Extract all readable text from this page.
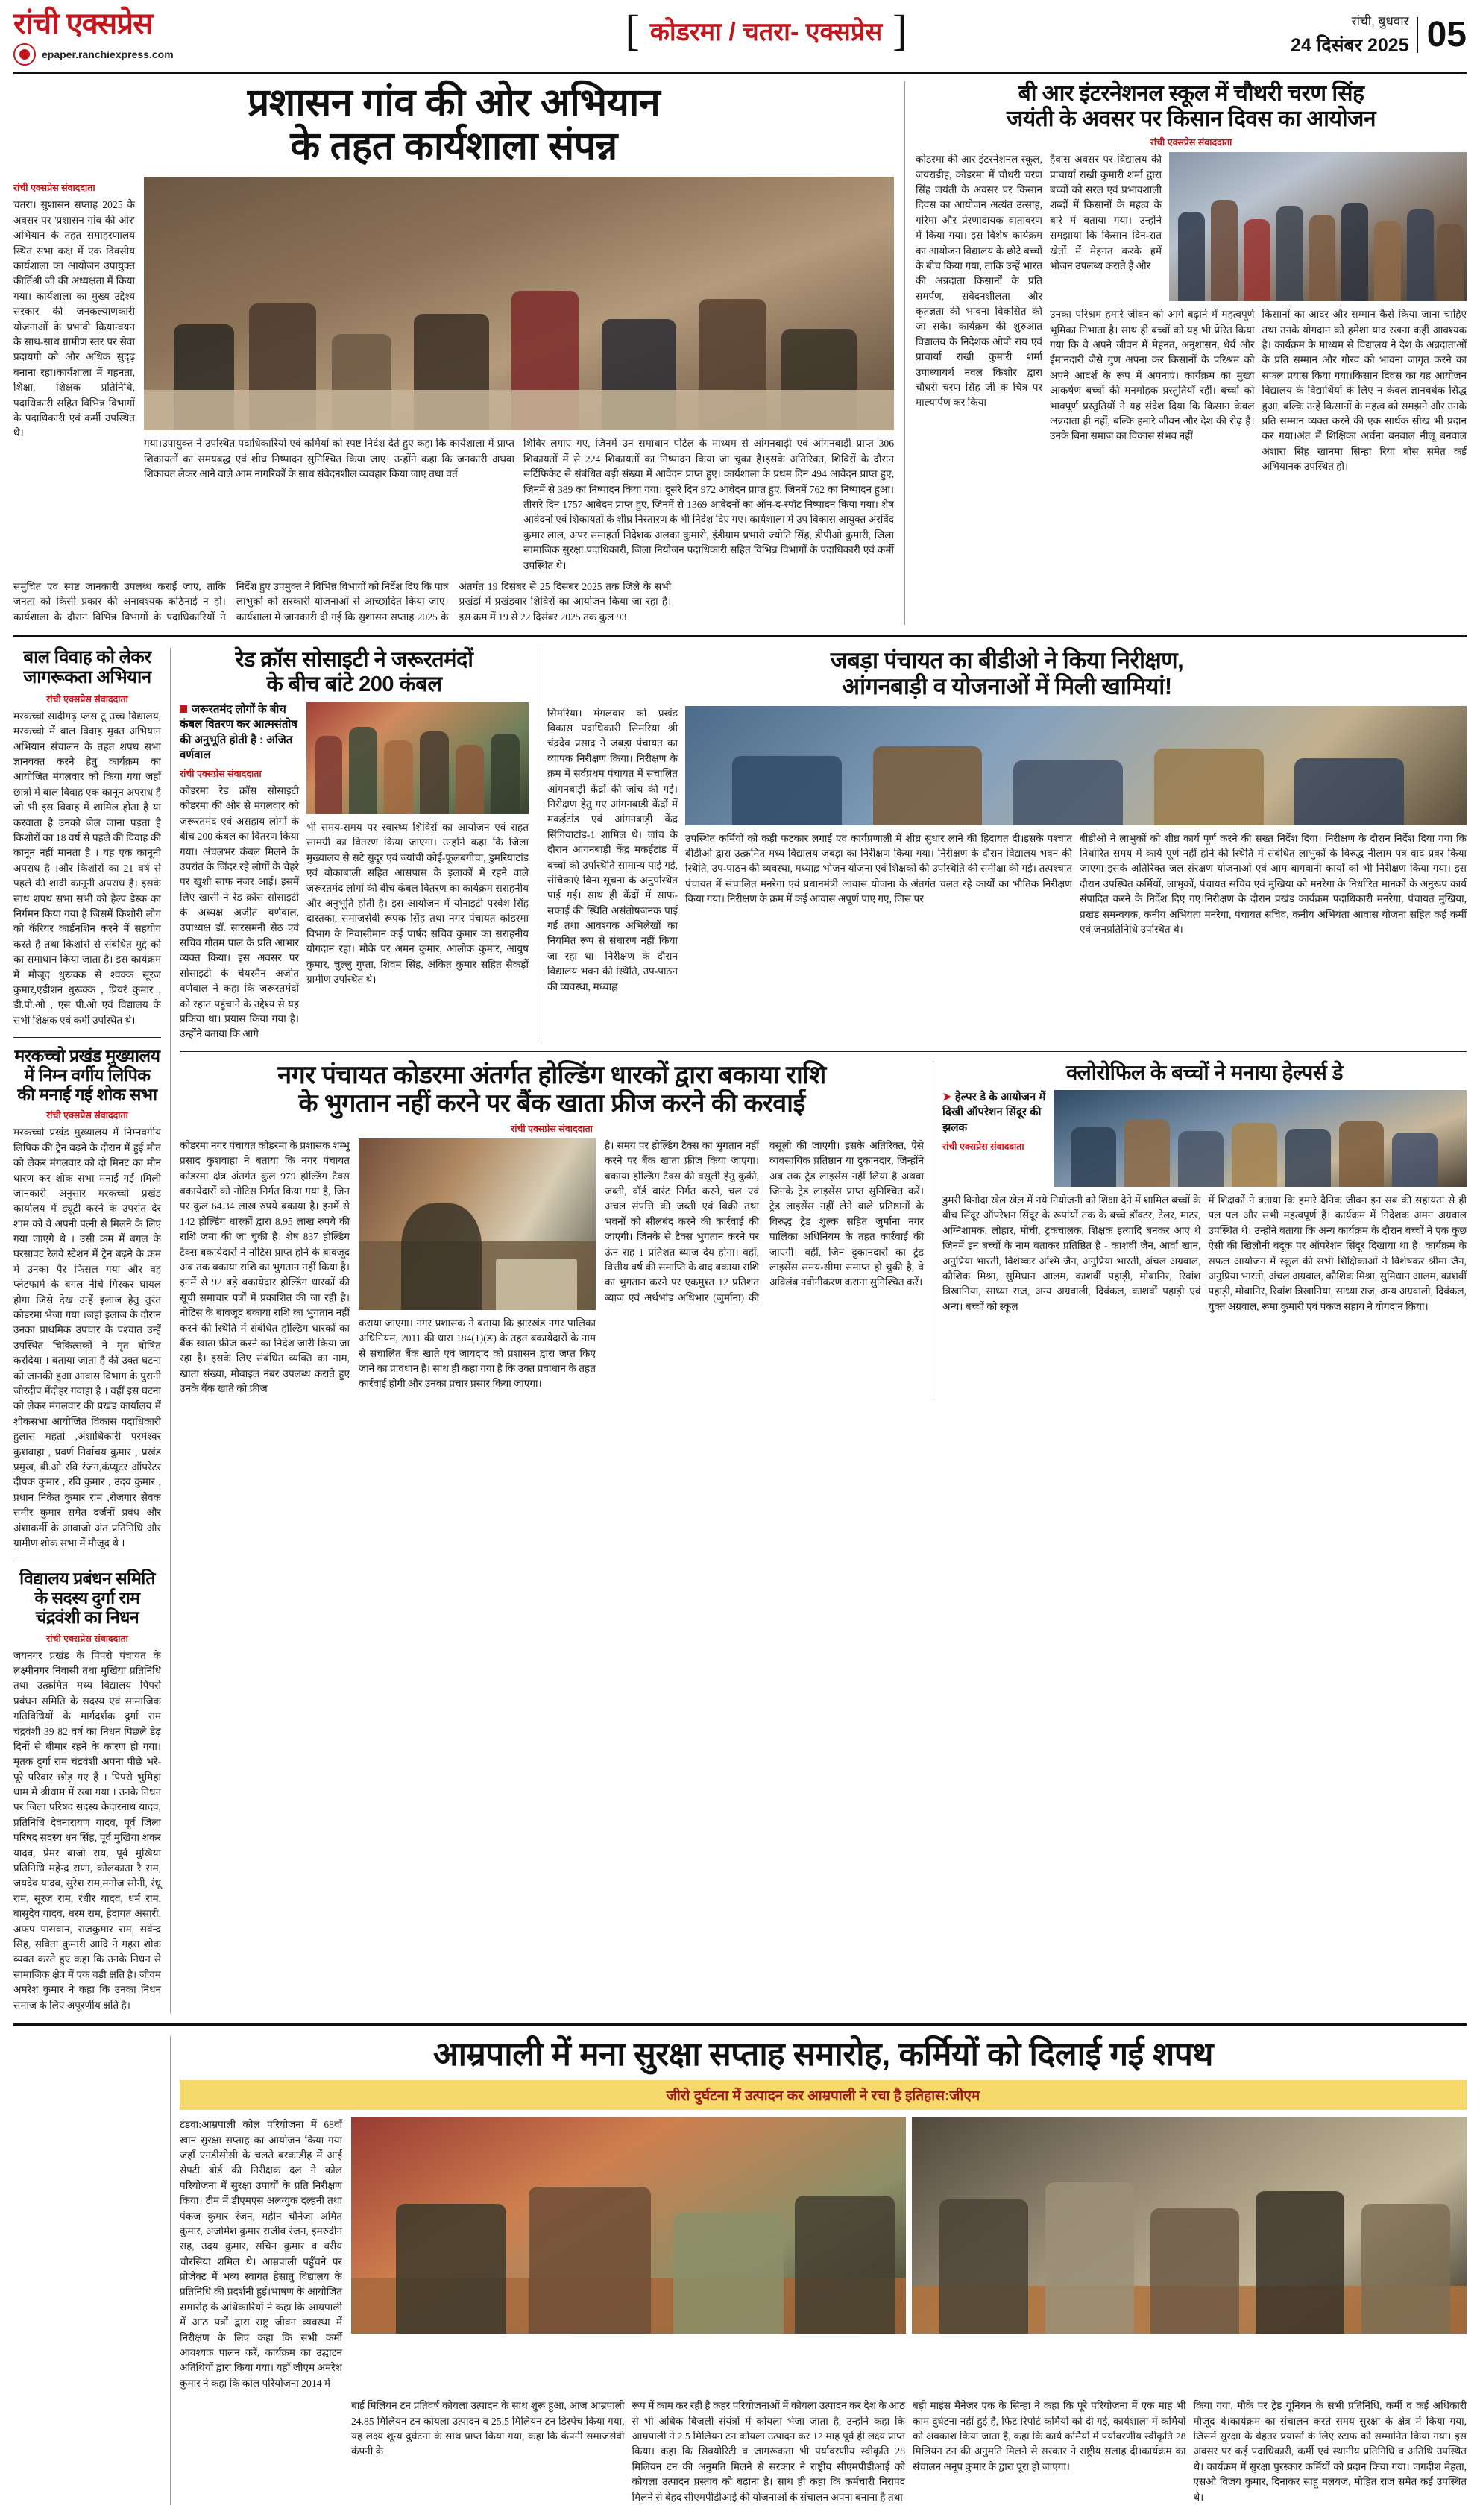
रांची एक्सप्रेस
epaper.ranchiexpress.com	[ कोडरमा / चतरा- एक्सप्रेस ]	रांची, बुधवार
24 दिसंबर 2025 05
प्रशासन गांव की ओर अभियान
के तहत कार्यशाला संपन्न
रांची एक्सप्रेस संवाददाता
चतरा। सुशासन सप्ताह 2025 के अवसर पर 'प्रशासन गांव की ओर' अभियान के तहत समाहरणालय स्थित सभा कक्ष में एक दिवसीय कार्यशाला का आयोजन उपायुक्त कीर्तिश्री जी की अध्यक्षता में किया गया। कार्यशाला का मुख्य उद्देश्य सरकार की जनकल्याणकारी योजनाओं के प्रभावी क्रियान्वयन के साथ-साथ ग्रामीण स्तर पर सेवा प्रदायगी को और अधिक सुदृढ़ बनाना रहा।कार्यशाला में गहनता, शिक्षा, शिक्षक प्रतिनिधि, पदाधिकारी सहित विभिन्न विभागों के पदाधिकारी एवं कर्मी उपस्थित थे।
गया।उपायुक्त ने उपस्थित पदाधिकारियों एवं कर्मियों को स्पष्ट निर्देश देते हुए कहा कि कार्यशाला में प्राप्त शिकायतों का समयबद्ध एवं शीघ्र निष्पादन सुनिश्चित किया जाए। उन्होंने कहा कि जनकारी अथवा शिकायत लेकर आने वाले आम नागरिकों के साथ संवेदनशील व्यवहार किया जाए तथा वर्त
शिविर लगाए गए, जिनमें उन समाधान पोर्टल के माध्यम से आंगनबाड़ी एवं आंगनबाड़ी प्राप्त 306 शिकायतों में से 224 शिकायतों का निष्पादन किया जा चुका है।इसके अतिरिक्त, शिविरों के दौरान सर्टिफिकेट से संबंधित बड़ी संख्या में आवेदन प्राप्त हुए। कार्यशाला के प्रथम दिन 494 आवेदन प्राप्त हुए, जिनमें से 389 का निष्पादन किया गया। दूसरे दिन 972 आवेदन प्राप्त हुए, जिनमें 762 का निष्पादन हुआ। तीसरे दिन 1757 आवेदन प्राप्त हुए, जिनमें से 1369 आवेदनों का ऑन-द-स्पॉट निष्पादन किया गया। शेष आवेदनों एवं शिकायतों के शीघ्र निस्तारण के भी निर्देश दिए गए। कार्यशाला में उप विकास आयुक्त अरविंद कुमार लाल, अपर समाहर्ता निदेशक अलका कुमारी, इंडीग्राम प्रभारी ज्योति सिंह, डीपीओ कुमारी, जिला सामाजिक सुरक्षा पदाधिकारी, जिला नियोजन पदाधिकारी सहित विभिन्न विभागों के पदाधिकारी एवं कर्मी उपस्थित थे।
समुचित एवं स्पष्ट जानकारी उपलब्ध कराई जाए, ताकि जनता को किसी प्रकार की अनावश्यक कठिनाई न हो।कार्यशाला के दौरान विभिन्न विभागों के पदाधिकारियों ने निर्देश हुए उपमुक्त ने विभिन्न विभागों को निर्देश दिए कि पात्र लाभुकों को सरकारी योजनाओं से आच्छादित किया जाए।कार्यशाला में जानकारी दी गई कि सुशासन सप्ताह 2025 के अंतर्गत 19 दिसंबर से 25 दिसंबर 2025 तक जिले के सभी प्रखंडों में प्रखंडवार शिविरों का आयोजन किया जा रहा है। इस क्रम में 19 से 22 दिसंबर 2025 तक कुल 93
बी आर इंटरनेशनल स्कूल में चौथरी चरण सिंह
जयंती के अवसर पर किसान दिवस का आयोजन
रांची एक्सप्रेस संवाददाता
कोडरमा की आर इंटरनेशनल स्कूल, जयराडीह, कोडरमा में चौधरी चरण सिंह जयंती के अवसर पर किसान दिवस का आयोजन अत्यंत उत्साह, गरिमा और प्रेरणादायक वातावरण में किया गया। इस विशेष कार्यक्रम का आयोजन विद्यालय के छोटे बच्चों के बीच किया गया, ताकि उन्हें भारत की अन्नदाता किसानों के प्रति समर्पण, संवेदनशीलता और कृतज्ञता की भावना विकसित की जा सके। कार्यक्रम की शुरुआत विद्यालय के निदेशक ओपी राय एवं प्राचार्या राखी कुमारी शर्मा उपाध्यायर्थ नवल किशोर द्वारा चौधरी चरण सिंह जी के चित्र पर माल्यार्पण कर किया
हैवास अवसर पर विद्यालय की प्राचार्यां राखी कुमारी शर्मा द्वारा बच्चों को सरल एवं प्रभावशाली शब्दों में किसानों के महत्व के बारे में बताया गया। उन्होंने समझाया कि किसान दिन-रात खेतों में मेहनत करके हमें भोजन उपलब्ध कराते हैं और
उनका परिश्रम हमारे जीवन को आगे बढ़ाने में महत्वपूर्ण भूमिका निभाता है। साथ ही बच्चों को यह भी प्रेरित किया गया कि वे अपने जीवन में मेहनत, अनुशासन, धैर्य और ईमानदारी जैसे गुण अपना कर किसानों के परिश्रम को अपने आदर्श के रूप में अपनाएं। कार्यक्रम का मुख्य आकर्षण बच्चों की मनमोहक प्रस्तुतियाँ रहीं। बच्चों को भावपूर्ण प्रस्तुतियों ने यह संदेश दिया कि किसान केवल अन्नदाता ही नहीं, बल्कि हमारे जीवन और देश की रीढ़ हैं। उनके बिना समाज का विकास संभव नहीं
किसानों का आदर और सम्मान कैसे किया जाना चाहिए तथा उनके योगदान को हमेशा याद रखना कहीं आवश्यक है। कार्यक्रम के माध्यम से विद्यालय ने देश के अन्नदाताओं के प्रति सम्मान और गौरव को भावना जागृत करने का सफल प्रयास किया गया।किसान दिवस का यह आयोजन विद्यालय के विद्यार्थियों के लिए न केवल ज्ञानवर्धक सिद्ध हुआ, बल्कि उन्हें किसानों के महत्व को समझने और उनके प्रति सम्मान व्यक्त करने की एक सार्थक सीख भी प्रदान कर गया।अंत में शिक्षिका अर्चना बनवाल नीलू बनवाल अंशारा सिंह खानमा सिन्हा रिया बोस समेत कई अभियानक उपस्थित हो।
बाल विवाह को लेकर
जागरूकता अभियान
रांची एक्सप्रेस संवाददाता
मरकच्चो सादीगढ़ प्लस टू उच्च विद्यालय, मरकच्चो में बाल विवाह मुक्त अभियान अभियान संचालन के तहत शपथ सभा ज्ञानवक्त करने हेतु कार्यक्रम का आयोजित मंगलवार को किया गया जहाँ छात्रों में बाल विवाह एक कानून अपराध है जो भी इस विवाह में शामिल होता है या करवाता है उनको जेल जाना पड़ता है किशोरों का 18 वर्ष से पहले की विवाह की कानून नहीं मानता है । यह एक कानूनी अपराध है ।और किशोरों का 21 वर्ष से पहले की शादी कानूनी अपराध है। इसके साथ शपथ सभा सभी को हेल्प डेस्क का निर्गमन किया गया है जिसमें किशोरी लोग को कॅरियर कार्डनशिन करने में सहयोग करते हैं तथा किशोरों से संबंधित मुद्दे को का समाधान किया जाता है। इस कार्यक्रम में मौजूद धुरूक्क से श्वक्क सूरज कुमार,एडीशन धुरूक्क , प्रियरं कुमार , डी.पी.ओ , एस पी.ओ एवं विद्यालय के सभी शिक्षक एवं कर्मी उपस्थित थे।
मरकच्चो प्रखंड मुख्यालय
में निम्न वर्गीय लिपिक
की मनाई गई शोक सभा
रांची एक्सप्रेस संवाददाता
मरकच्चो प्रखंड मुख्यालय में निम्नवर्गीय लिपिक की ट्रेन बढ़ने के दौरान में हुई मौत को लेकर मंगलवार को दो मिनट का मौन धारण कर शोक सभा मनाई गई ।मिली जानकारी अनुसार मरकच्चो प्रखंड कार्यालय में ड्यूटी करने के उपरांत देर शाम को वे अपनी पत्नी से मिलने के लिए गया जाएगे थे । उसी क्रम में बगल के घरसावट रेलवे स्टेशन में ट्रेन बढ़ने के क्रम में उनका पैर फिसल गया और वह प्लेटफार्म के बगल नीचे गिरकर घायल होगा जिसे देख उन्हें इलाज हेतु तुरंत कोडरमा भेजा गया ।जहां इलाज के दौरान उनका प्राथमिक उपचार के पश्चात उन्हें उपस्थित चिकित्सकों ने मृत घोषित करदिया । बताया जाता है की उक्त घटना को जानकी हुआ आवास विभाग के पुरानी जोरदीप मेंदोहर गवाहा है । वहीं इस घटना को लेकर मंगलवार की प्रखंड कार्यालय में शोकसभा आयोजित विकास पदाधिकारी हुलास महतो ,अंशाधिकारी परमेश्वर कुशवाहा , प्रवर्ण निर्वाचय कुमार , प्रखंड प्रमुख, बी.ओ रवि रंजन,कंप्यूटर ऑपरेटर दीपक कुमार , रवि कुमार , उदय कुमार , प्रधान निकेत कुमार राम ,रोजगार सेवक समीर कुमार समेत दर्जनों प्रवंध और अंशाकर्मी के आवाजो अंत प्रतिनिधि और ग्रामीण शोक सभा में मौजूद थे ।
विद्यालय प्रबंधन समिति
के सदस्य दुर्गा राम
चंद्रवंशी का निधन
रांची एक्सप्रेस संवाददाता
जयनगर प्रखंड के पिपरो पंचायत के लक्ष्मीनगर निवासी तथा मुखिया प्रतिनिधि तथा उत्क्रमित मध्य विद्यालय पिपरो प्रबंधन समिति के सदस्य एवं सामाजिक गतिविधियों के मार्गदर्शक दुर्गा राम चंद्रवंशी 39 82 वर्ष का निधन पिछले डेढ़ दिनों से बीमार रहने के कारण हो गया। मृतक दुर्गा राम चंद्रवंशी अपना पीछे भरे-पूरे परिवार छोड़ गए हैं । पिपरो भुमिहा धाम में श्रीधाम में रखा गया । उनके निधन पर जिला परिषद सदस्य केदारनाथ यादव, प्रतिनिधि देवनारायण यादव, पूर्व जिला परिषद सदस्य धन सिंह, पूर्व मुखिया शंकर यादव, प्रेमर बाजो राय, पूर्व मुखिया प्रतिनिधि महेन्द्र राणा, कोलकाता रै राम, जयदेव यादव, सुरेश राम,मनोज सोनी, रंधू राम, सूरज राम, रंधीर यादव, धर्म राम, बासुदेव यादव, धरम राम, हेदायत अंसारी, अफप पासवान, राजकुमार राम, सर्वेन्द्र सिंह, सविता कुमारी आदि ने गहरा शोक व्यक्त करते हुए कहा कि उनके निधन से सामाजिक क्षेत्र में एक बड़ी क्षति है। जीवम अमरेश कुमार ने कहा कि उनका निधन समाज के लिए अपूरणीय क्षति है।
रेड क्रॉस सोसाइटी ने जरूरतमंदों
के बीच बांटे 200 कंबल
जरूरतमंद लोगों के बीच कंबल वितरण कर आत्मसंतोष की अनुभूति होती है : अजित वर्णवाल
रांची एक्सप्रेस संवाददाता
कोडरमा रेड क्रॉस सोसाइटी कोडरमा की ओर से मंगलवार को जरूरतमंद एवं असहाय लोगों के बीच 200 कंबल का वितरण किया गया। अंचलभर कंबल मिलने के उपरांत के जिंदर रहे लोगों के चेहरे पर खुशी साफ नजर आई। इसमें लिए खासी ने रेड क्रॉस सोसाइटी के अध्यक्ष अजीत बर्णवाल, उपाध्यक्ष डॉ. सारसमनी सेठ एवं सचिव गौतम पाल के प्रति आभार व्यक्त किया। इस अवसर पर सोसाइटी के चेयरमैन अजीत वर्णवाल ने कहा कि जरूरतमंदों को रहात पहुंचाने के उद्देश्य से यह प्रकिया था। प्रयास किया गया है। उन्होंने बताया कि आगे
भी समय-समय पर स्वास्थ्य शिविरों का आयोजन एवं राहत सामग्री का वितरण किया जाएगा। उन्होंने कहा कि जिला मुख्यालय से सटे सुदूर एवं ज्यांची कोई-फूलबगीचा, डुमरियाटांड एवं बोकाबाली सहित आसपास के इलाकों में रहने वाले जरूरतमंद लोगों की बीच कंबल वितरण का कार्यक्रम सराहनीय और अनुभूति होती है। इस आयोजन में योनाइटी परवेश सिंह दास्तका, समाजसेवी रूपक सिंह तथा नगर पंचायत कोडरमा विभाग के निवासीमान कई पार्षद सचिव कुमार का सराहनीय योगदान रहा। मौके पर अमन कुमार, आलोक कुमार, आयुष कुमार, चुल्लु गुप्ता, शिवम सिंह, अंकित कुमार सहित सैकड़ों ग्रामीण उपस्थित थे।
जबड़ा पंचायत का बीडीओ ने किया निरीक्षण,
आंगनबाड़ी व योजनाओं में मिली खामियां!
सिमरिया। मंगलवार को प्रखंड विकास पदाधिकारी सिमरिया श्री चंद्रदेव प्रसाद ने जबड़ा पंचायत का व्यापक निरीक्षण किया। निरीक्षण के क्रम में सर्वप्रथम पंचायत में संचालित आंगनबाड़ी केंद्रों की जांच की गई।निरीक्षण हेतु गए आंगनबाड़ी केंद्रों में मकईटांड एवं आंगनबाड़ी केंद्र सिंगियाटांड-1 शामिल थे। जांच के दौरान आंगनबाड़ी केंद्र मकईटांड में बच्चों की उपस्थिति सामान्य पाई गई, संचिकाएं बिना सूचना के अनुपस्थित पाई गई। साथ ही केंद्रों में साफ-सफाई की स्थिति असंतोषजनक पाई गई तथा आवश्यक अभिलेखों का नियमित रूप से संधारण नहीं किया जा रहा था। निरीक्षण के दौरान विद्यालय भवन की स्थिति, उप-पाठन की व्यवस्था, मध्याह्न
उपस्थित कर्मियों को कड़ी फटकार लगाई एवं कार्यप्रणाली में शीघ्र सुधार लाने की हिदायत दी।इसके पश्चात बीडीओ द्वारा उत्क्रमित मध्य विद्यालय जबड़ा का निरीक्षण किया गया। निरीक्षण के दौरान विद्यालय भवन की स्थिति, उप-पाठन की व्यवस्था, मध्याह्न भोजन योजना एवं शिक्षकों की उपस्थिति की समीक्षा की गई। तत्पश्चात पंचायत में संचालित मनरेगा एवं प्रधानमंत्री आवास योजना के अंतर्गत चलत रहे कार्यों का भौतिक निरीक्षण किया गया। निरीक्षण के क्रम में कई आवास अपूर्ण पाए गए, जिस पर
बीडीओ ने लाभुकों को शीघ्र कार्य पूर्ण करने की सख्त निर्देश दिया। निरीक्षण के दौरान निर्देश दिया गया कि निर्धारित समय में कार्य पूर्ण नहीं होने की स्थिति में संबंधित लाभुकों के विरुद्ध नीलाम पत्र वाद प्रवर किया जाएगा।इसके अतिरिक्त जल संरक्षण योजनाओं एवं आम बागवानी कार्यों को भी निरीक्षण किया गया। इस दौरान उपस्थित कर्मियों, लाभुकों, पंचायत सचिव एवं मुखिया को मनरेगा के निर्धारित मानकों के अनुरूप कार्य संपादित करने के निर्देश दिए गए।निरीक्षण के दौरान प्रखंड कार्यक्रम पदाधिकारी मनरेगा, पंचायत मुखिया, प्रखंड समन्वयक, कनीय अभियंता मनरेगा, पंचायत सचिव, कनीय अभियंता आवास योजना सहित कई कर्मी एवं जनप्रतिनिधि उपस्थित थे।
नगर पंचायत कोडरमा अंतर्गत होल्डिंग धारकों द्वारा बकाया राशि
के भुगतान नहीं करने पर बैंक खाता फ्रीज करने की करवाई
रांची एक्सप्रेस संवाददाता
कोडरमा नगर पंचायत कोडरमा के प्रशासक शम्भु प्रसाद कुशवाहा ने बताया कि नगर पंचायत कोडरमा क्षेत्र अंतर्गत कुल 979 होल्डिंग टैक्स बकायेदारों को नोटिस निर्गत किया गया है, जिन पर कुल 64.34 लाख रुपये बकाया है। इनमें से 142 होल्डिंग धारकों द्वारा 8.95 लाख रुपये की राशि जमा की जा चुकी है। शेष 837 होल्डिंग टैक्स बकायेदारों ने नोटिस प्राप्त होने के बावजूद अब तक बकाया राशि का भुगतान नहीं किया है। इनमें से 92 बड़े बकायेदार होल्डिंग धारकों की सूची समाचार पत्रों में प्रकाशित की जा रही है। नोटिस के बावजूद बकाया राशि का भुगतान नहीं करने की स्थिति में संबंधित होल्डिंग धारकों का बैंक खाता फ्रीज करने का निर्देश जारी किया जा रहा है। इसके लिए संबंधित व्यक्ति का नाम, खाता संख्या, मोबाइल नंबर उपलब्ध कराते हुए उनके बैंक खाते को फ्रीज
कराया जाएगा। नगर प्रशासक ने बताया कि झारखंड नगर पालिका अधिनियम, 2011 की धारा 184(1)(ङ) के तहत बकायेदारों के नाम से संचालित बैंक खाते एवं जायदाद को प्रशासन द्वारा जप्त किए जाने का प्रावधान है। साथ ही कहा गया है कि उक्त प्रवाधान के तहत कार्रवाई होगी और उनका प्रचार प्रसार किया जाएगा।
है। समय पर होल्डिंग टैक्स का भुगतान नहीं करने पर बैंक खाता फ्रीज किया जाएगा। बकाया होल्डिंग टैक्स की वसूली हेतु कुर्की, जब्ती, वॉर्ड वारंट निर्गत करने, चल एवं अचल संपत्ति की जब्ती एवं बिक्री तथा भवनों को सीलबंद करने की कार्रवाई की जाएगी। जिनके से टैक्स भुगतान करने पर ऊंन राह 1 प्रतिशत ब्याज देय होगा। वहीं, वित्तीय वर्ष की समाप्ति के बाद बकाया राशि का भुगतान करने पर एकमुश्त 12 प्रतिशत ब्याज एवं अर्थभांड अधिभार (जुर्माना) की वसूली की जाएगी। इसके अतिरिक्त, ऐसे व्यवसायिक प्रतिष्ठान या दुकानदार, जिन्होंने अब तक ट्रेड लाइसेंस नहीं लिया है अथवा जिनके ट्रेड लाइसेंस प्राप्त सुनिश्चित करें। ट्रेड लाइसेंस नहीं लेने वाले प्रतिष्ठानों के विरुद्ध ट्रेड शुल्क सहित जुर्माना नगर पालिका अधिनियम के तहत कार्रवाई की जाएगी। वहीं, जिन दुकानदारों का ट्रेड लाइसेंस समय-सीमा समाप्त हो चुकी है, वे अविलंब नवीनीकरण कराना सुनिश्चित करें।
क्लोरोफिल के बच्चों ने मनाया हेल्पर्स डे
➤ हेल्पर डे के आयोजन में दिखी ऑपरेशन सिंदूर की झलक
रांची एक्सप्रेस संवाददाता
डुमरी विनोदा खेल खेल में नये नियोजनी को शिक्षा देने में शामिल बच्चों के बीच सिंदूर ऑपरेशन सिंदूर के रूपांयों तक के बच्चे डॉक्टर, टेलर, माटर, अग्निशामक, लोहार, मोची, ट्रकचालक, शिक्षक इत्यादि बनकर आए थे जिनमें इन बच्चों के नाम बताकर प्रतिष्ठित है - काशवीं जैन, आर्वा खान, अनुप्रिया भारती, विशेष्कर अश्मि जैन, अनुप्रिया भारती, अंचल अग्रवाल, कौशिक मिश्रा, सुमिधान आलम, काशवीं पहाड़ी, मोबानिर, रिवांश त्रिखानिया, साध्या राज, अन्य अग्रवाली, दिवंकल, काशवीं पहाड़ी एवं अन्य। बच्चों को स्कूल
में शिक्षकों ने बताया कि हमारे दैनिक जीवन इन सब की सहायता से ही पल पल और सभी महत्वपूर्ण हैं। कार्यक्रम में निदेशक अमन अग्रवाल उपस्थित थे। उन्होंने बताया कि अन्य कार्यक्रम के दौरान बच्चों ने एक कुछ ऐसी की खिलौनी बंदूक पर ऑपरेशन सिंदूर दिखाया था है। कार्यक्रम के सफल आयोजन में स्कूल की सभी शिक्षिकाओं ने विशेषकर श्रीमा जैन, अनुप्रिया भारती, अंचल अग्रवाल, कौशिक मिश्रा, सुमिधान आलम, काशवीं पहाड़ी, मोबानिर, रिवांश त्रिखानिया, साध्या राज, अन्य अग्रवाली, दिवंकल, युक्त अग्रवाल, रूमा कुमारी एवं पंकज सहाय ने योगदान किया।
आम्रपाली में मना सुरक्षा सप्ताह समारोह, कर्मियों को दिलाई गई शपथ
जीरो दुर्घटना में उत्पादन कर आम्रपाली ने रचा है इतिहास:जीएम
टंडवा:आम्रपाली कोल परियोजना में 68वाँ खान सुरक्षा सप्ताह का आयोजन किया गया जहाँ एनडीसीसी के चलते बरकाडीह में आई सेफ्टी बोर्ड की निरीक्षक दल ने कोल परियोजना में सुरक्षा उपायों के प्रति निरीक्षण किया। टीम में डीएमएस अलग्युक दल्हनी तथा पंकज कुमार रंजन, महीन चौनेजा अमित कुमार, अजोमेश कुमार राजीव रंजन, इमरुदीन राह, उदय कुमार, सचिन कुमार व वरीय चौरसिया शमिल थे। आम्रपाली पहुँचने पर प्रोजेक्ट में भव्य स्वागत हेसातु विद्यालय के प्रतिनिधि की प्रदर्शनी हुई।भाषण के आयोजित समारोह के अधिकारियों ने कहा कि आम्रपाली में आठ पत्रों द्वारा राष्ट्र जीवन व्यवस्था में निरीक्षण के लिए कहा कि सभी कर्मी आवश्यक पालन करें, कार्यक्रम का उद्घाटन अतिथियों द्वारा किया गया। यहाँ जीएम अमरेश कुमार ने कहा कि कोल परियोजना 2014 में
बाई मिलियन टन प्रतिवर्ष कोयला उत्पादन के साथ शुरू हुआ, आज आम्रपाली 24.85 मिलियन टन कोयला उत्पादन व 25.5 मिलियन टन डिस्पेच किया गया, यह लक्ष्य शून्य दुर्घटना के साथ प्राप्त किया गया, कहा कि कंपनी समाजसेवी कंपनी के
रूप में काम कर रही है कहर परियोजनाओं में कोयला उत्पादन कर देश के आठ से भी अधिक बिजली संयंत्रों में कोयला भेजा जाता है, उन्होंने कहा कि आम्रपाली ने 2.5 मिलियन टन कोयला उत्पादन कर 12 माह पूर्व ही लक्ष्य प्राप्त किया। कहा कि सिक्योरिटी व जागरूकता भी पर्यावरणीय स्वीकृति 28 मिलियन टन की अनुमति मिलने से सरकार ने राष्ट्रीय सीएमपीडीआई को कोयला उत्पादन प्रस्ताव को बढ़ाना है। साथ ही कहा कि कर्मचारी निरापद मिलने से बेहद सीएमपीडीआई की योजनाओं के संचालन अपना बनाना है तथा
बड़ी माइंस मैनेजर एक के सिन्हा ने कहा कि पूरे परियोजना में एक माह भी काम दुर्घटना नहीं हुई है, फिट रिपोर्ट कर्मियों को दी गई, कार्यशाला में कर्मियों को अवकाश किया जाता है, कहा कि कार्य कर्मियों में पर्यावरणीय स्वीकृति 28 मिलियन टन की अनुमति मिलने से सरकार ने राष्ट्रीय सलाह दी।कार्यक्रम का संचालन अनूप कुमार के द्वारा पूरा हो जाएगा।
किया गया, मौके पर ट्रेड यूनियन के सभी प्रतिनिधि, कर्मी व कई अधिकारी मौजूद थे।कार्यक्रम का संचालन करते समय सुरक्षा के क्षेत्र में किया गया, जिसमें सुरक्षा के बेहतर प्रयासों के लिए स्टाफ को सम्मानित किया गया। इस अवसर पर कई पदाधिकारी, कर्मी एवं स्थानीय प्रतिनिधि व अतिथि उपस्थित थे। कार्यक्रम में सुरक्षा पुरस्कार कर्मियों को प्रदान किया गया। जगदीश मेहता, एसओ विजय कुमार, दिनाकर साहू मलयज, मोहित राज समेत कई उपस्थित थे।
